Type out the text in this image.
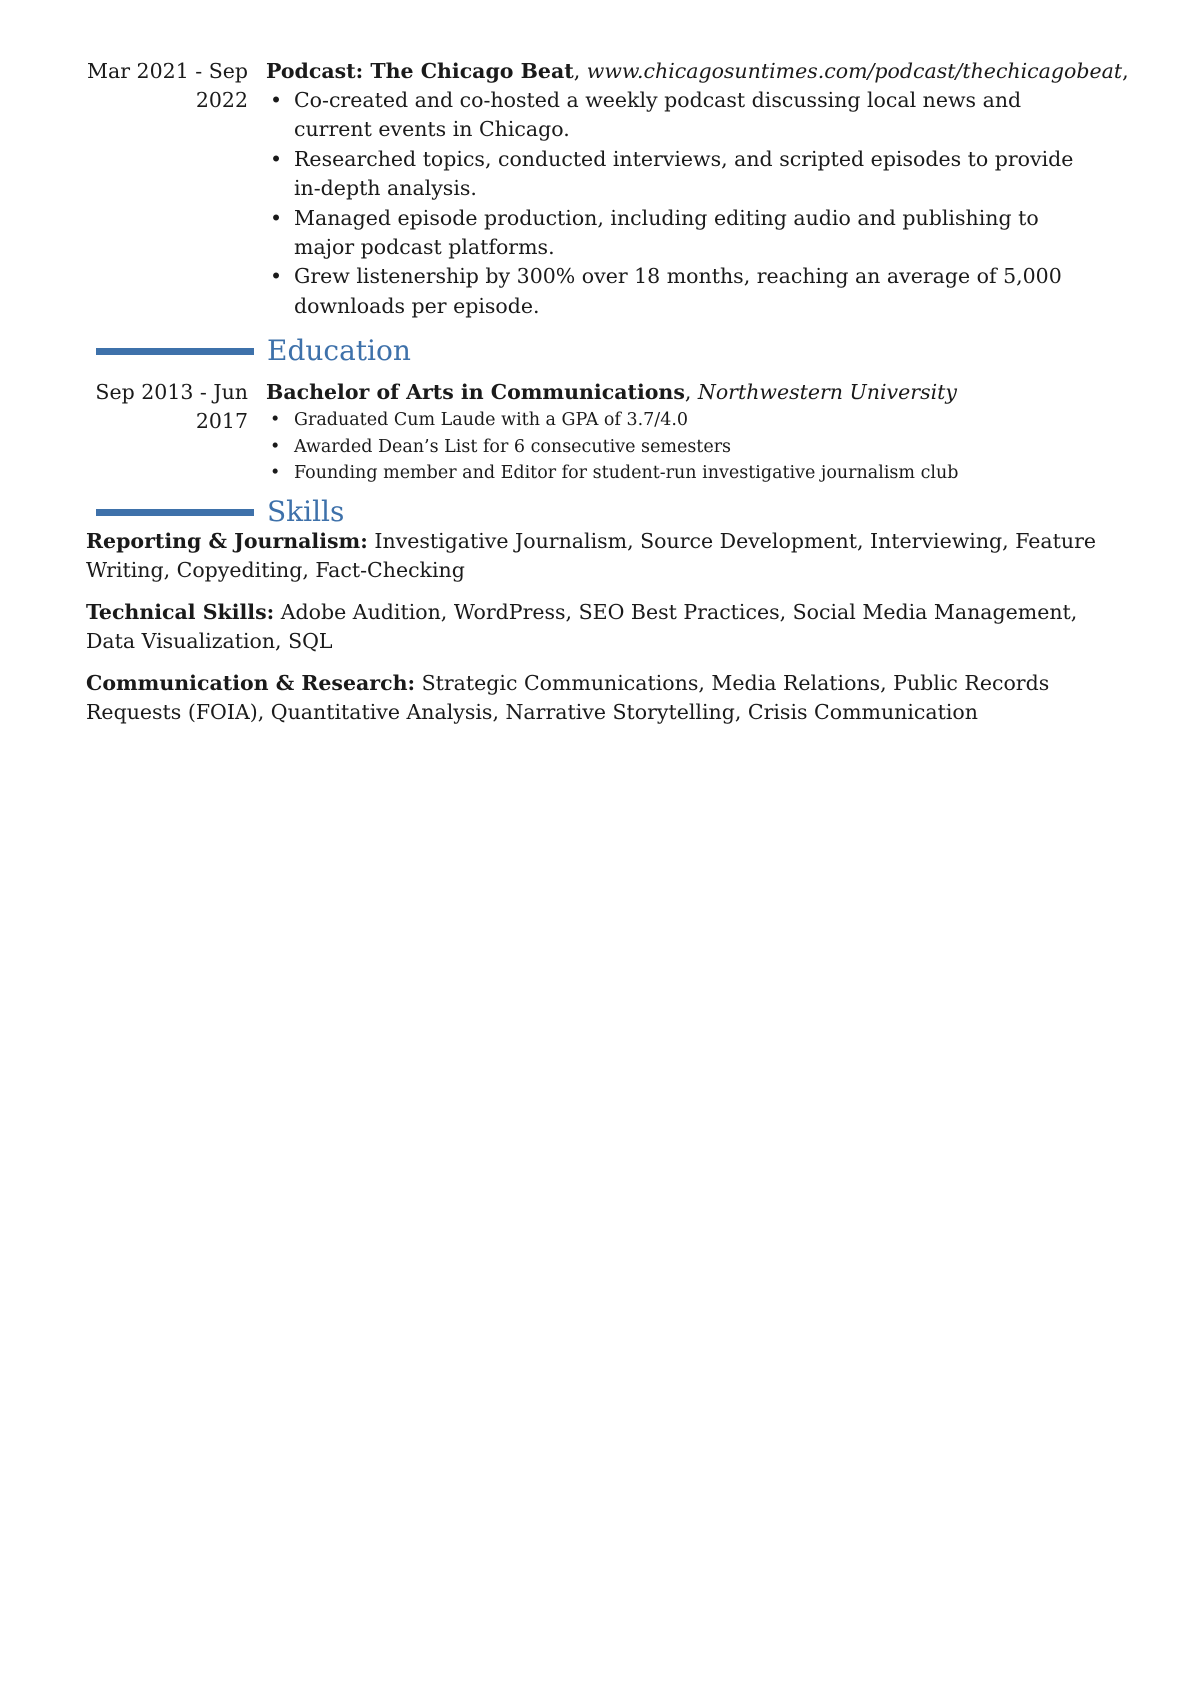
Mar 2021 - Sep
2022
Podcast: The Chicago Beat, www.chicagosuntimes.com/podcast/thechicagobeat,
• Co-created and co-hosted a weekly podcast discussing local news and current events in Chicago.
• Researched topics, conducted interviews, and scripted episodes to provide in-depth analysis.
• Managed episode production, including editing audio and publishing to major podcast platforms.
• Grew listenership by 300% over 18 months, reaching an average of 5,000 downloads per episode.
Education
Sep 2013 - Jun
2017
Bachelor of Arts in Communications, Northwestern University
• Graduated Cum Laude with a GPA of 3.7/4.0
• Awarded Dean’s List for 6 consecutive semesters
• Founding member and Editor for student-run investigative journalism club
Skills
Reporting & Journalism: Investigative Journalism, Source Development, Interviewing, Feature Writing, Copyediting, Fact-Checking
Technical Skills: Adobe Audition, WordPress, SEO Best Practices, Social Media Management, Data Visualization, SQL
Communication & Research: Strategic Communications, Media Relations, Public Records Requests (FOIA), Quantitative Analysis, Narrative Storytelling, Crisis Communication
